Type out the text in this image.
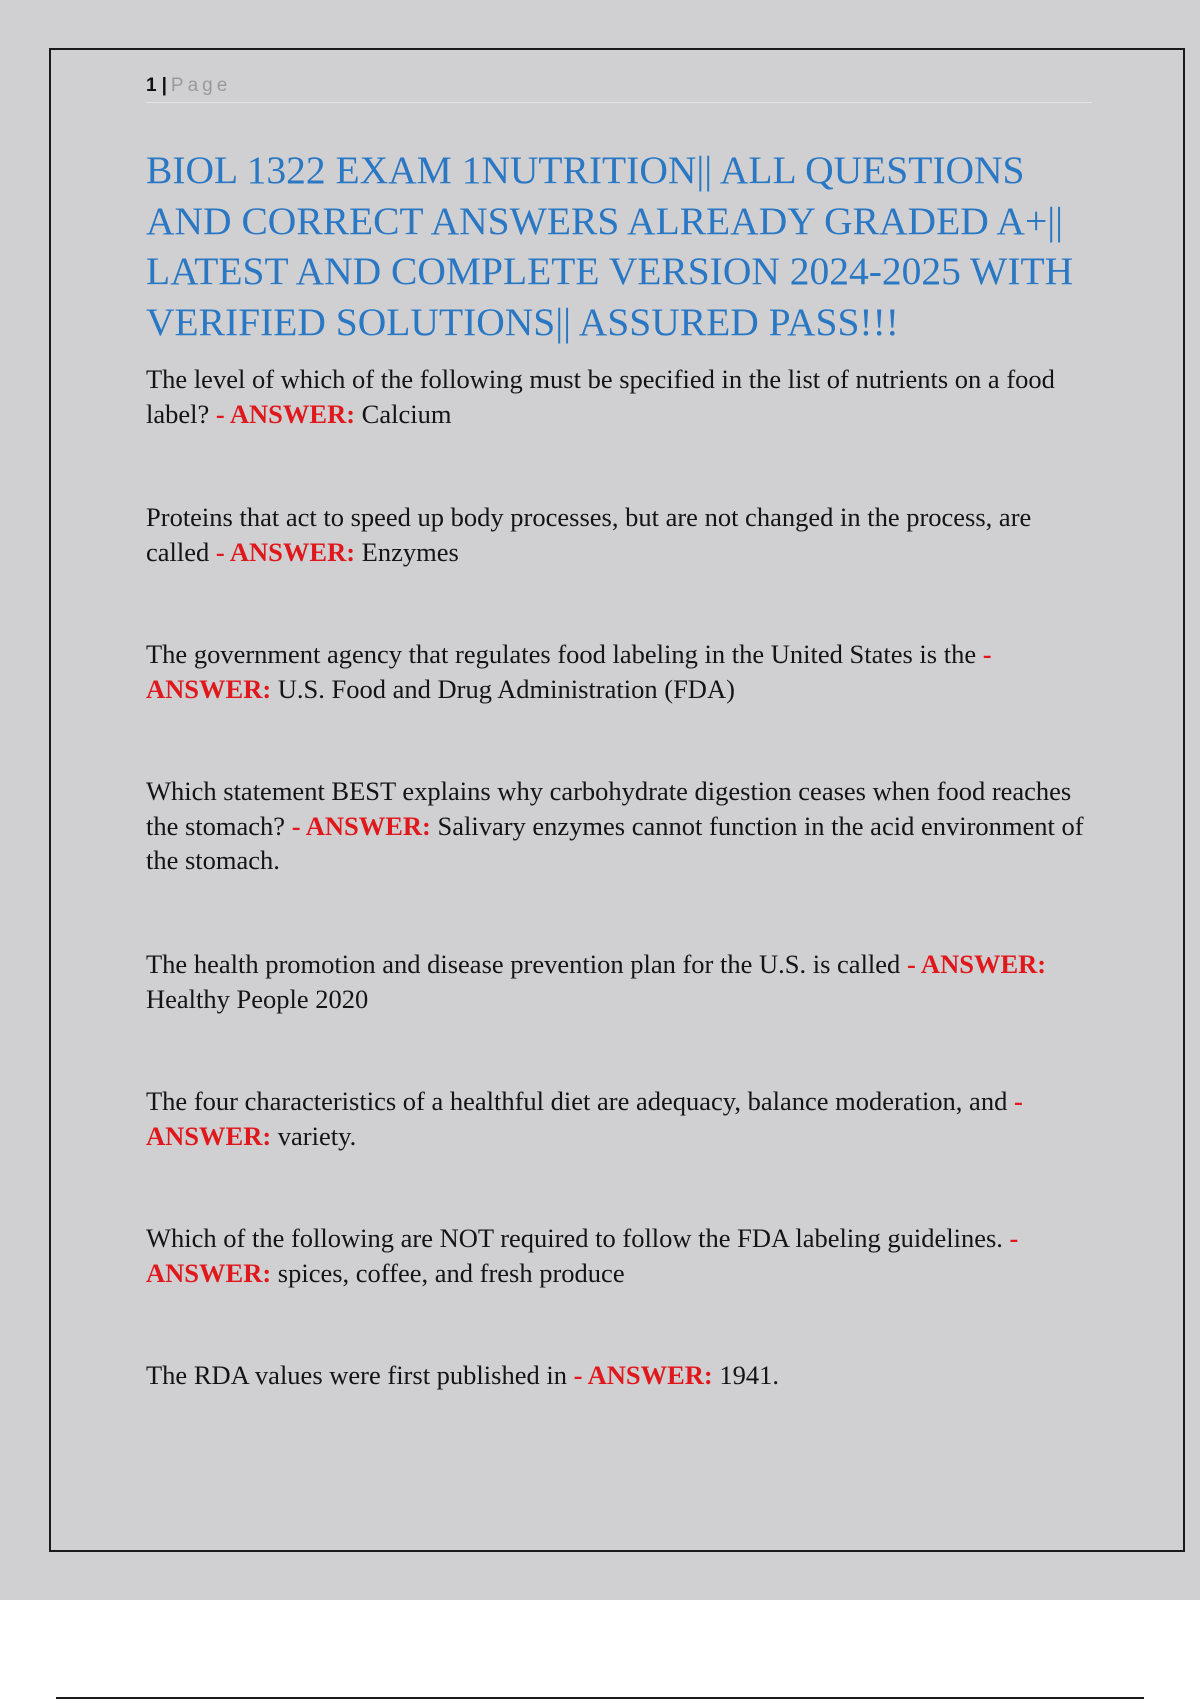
1 | Page
BIOL 1322 EXAM 1NUTRITION|| ALL QUESTIONS AND CORRECT ANSWERS ALREADY GRADED A+|| LATEST AND COMPLETE VERSION 2024-2025 WITH VERIFIED SOLUTIONS|| ASSURED PASS!!!

The level of which of the following must be specified in the list of nutrients on a food label? - ANSWER: Calcium

Proteins that act to speed up body processes, but are not changed in the process, are called - ANSWER: Enzymes

The government agency that regulates food labeling in the United States is the - ANSWER: U.S. Food and Drug Administration (FDA)

Which statement BEST explains why carbohydrate digestion ceases when food reaches the stomach? - ANSWER: Salivary enzymes cannot function in the acid environment of the stomach.

The health promotion and disease prevention plan for the U.S. is called - ANSWER: Healthy People 2020

The four characteristics of a healthful diet are adequacy, balance moderation, and - ANSWER: variety.

Which of the following are NOT required to follow the FDA labeling guidelines. - ANSWER: spices, coffee, and fresh produce

The RDA values were first published in - ANSWER: 1941.
